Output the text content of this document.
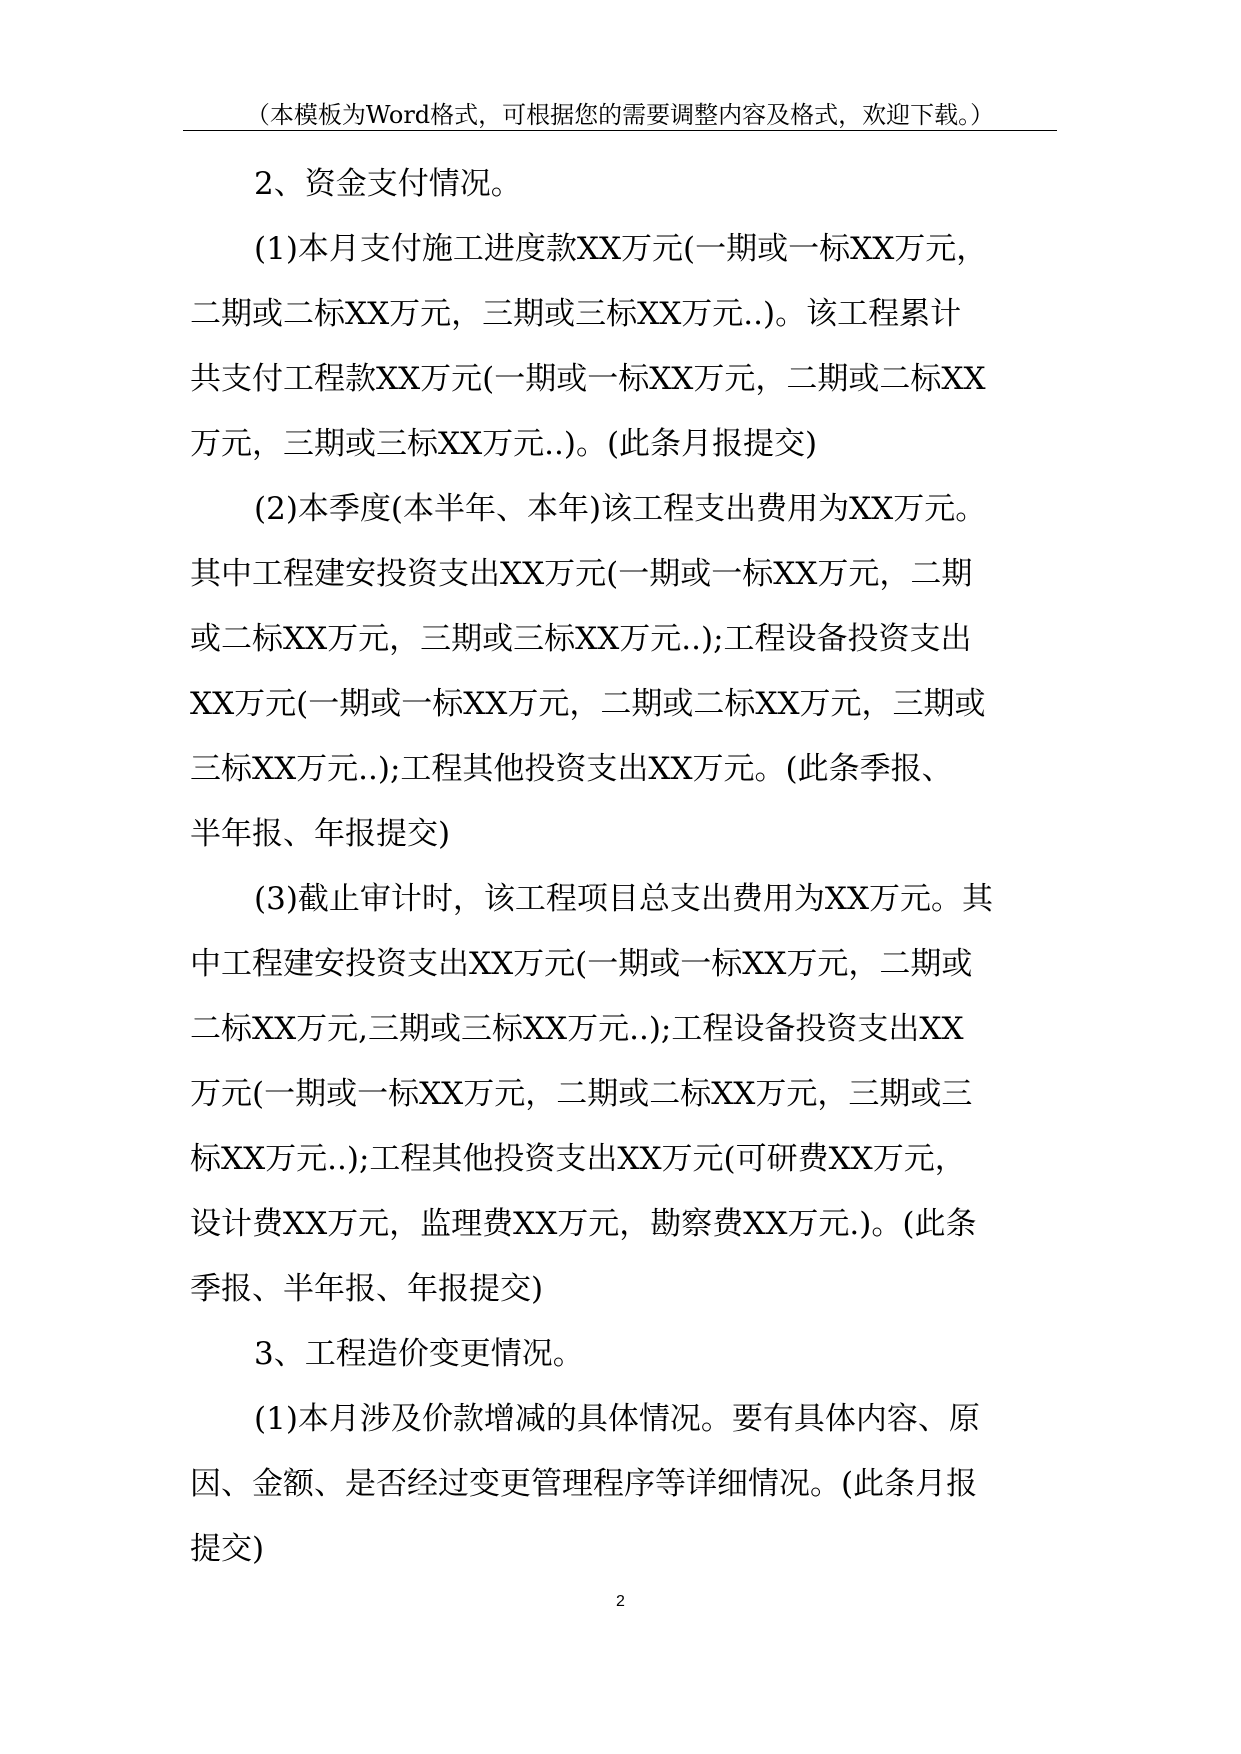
（本模板为Word格式，可根据您的需要调整内容及格式，欢迎下载。）
2、资金支付情况。
(1)本月支付施工进度款XX万元(一期或一标XX万元，
二期或二标XX万元，三期或三标XX万元..)。该工程累计
共支付工程款XX万元(一期或一标XX万元，二期或二标XX
万元，三期或三标XX万元..)。(此条月报提交)
(2)本季度(本半年、本年)该工程支出费用为XX万元。
其中工程建安投资支出XX万元(一期或一标XX万元，二期
或二标XX万元，三期或三标XX万元..);工程设备投资支出
XX万元(一期或一标XX万元，二期或二标XX万元，三期或
三标XX万元..);工程其他投资支出XX万元。(此条季报、
半年报、年报提交)
(3)截止审计时，该工程项目总支出费用为XX万元。其
中工程建安投资支出XX万元(一期或一标XX万元，二期或
二标XX万元,三期或三标XX万元..);工程设备投资支出XX
万元(一期或一标XX万元，二期或二标XX万元，三期或三
标XX万元..);工程其他投资支出XX万元(可研费XX万元，
设计费XX万元，监理费XX万元，勘察费XX万元.)。(此条
季报、半年报、年报提交)
3、工程造价变更情况。
(1)本月涉及价款增减的具体情况。要有具体内容、原
因、金额、是否经过变更管理程序等详细情况。(此条月报
提交)
2
